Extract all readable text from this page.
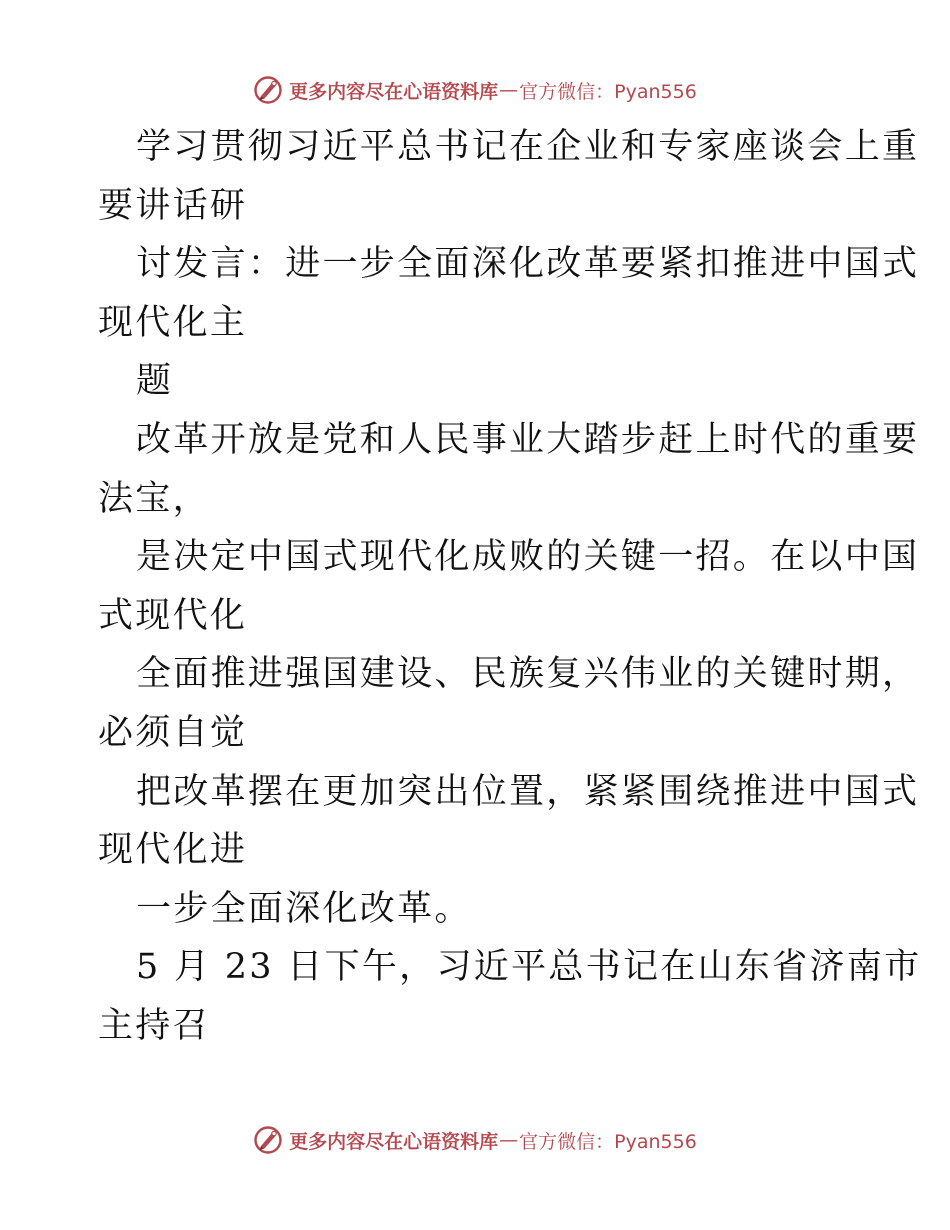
更多内容尽在心语资料库 — 官方微信：Pyan556
学习贯彻习近平总书记在企业和专家座谈会上重
要讲话研
讨发言：进一步全面深化改革要紧扣推进中国式
现代化主
题
改革开放是党和人民事业大踏步赶上时代的重要
法宝，
是决定中国式现代化成败的关键一招。在以中国
式现代化
全面推进强国建设、民族复兴伟业的关键时期，
必须自觉
把改革摆在更加突出位置，紧紧围绕推进中国式
现代化进
一步全面深化改革。
5 月 23 日下午，习近平总书记在山东省济南市
主持召
更多内容尽在心语资料库 — 官方微信：Pyan556
